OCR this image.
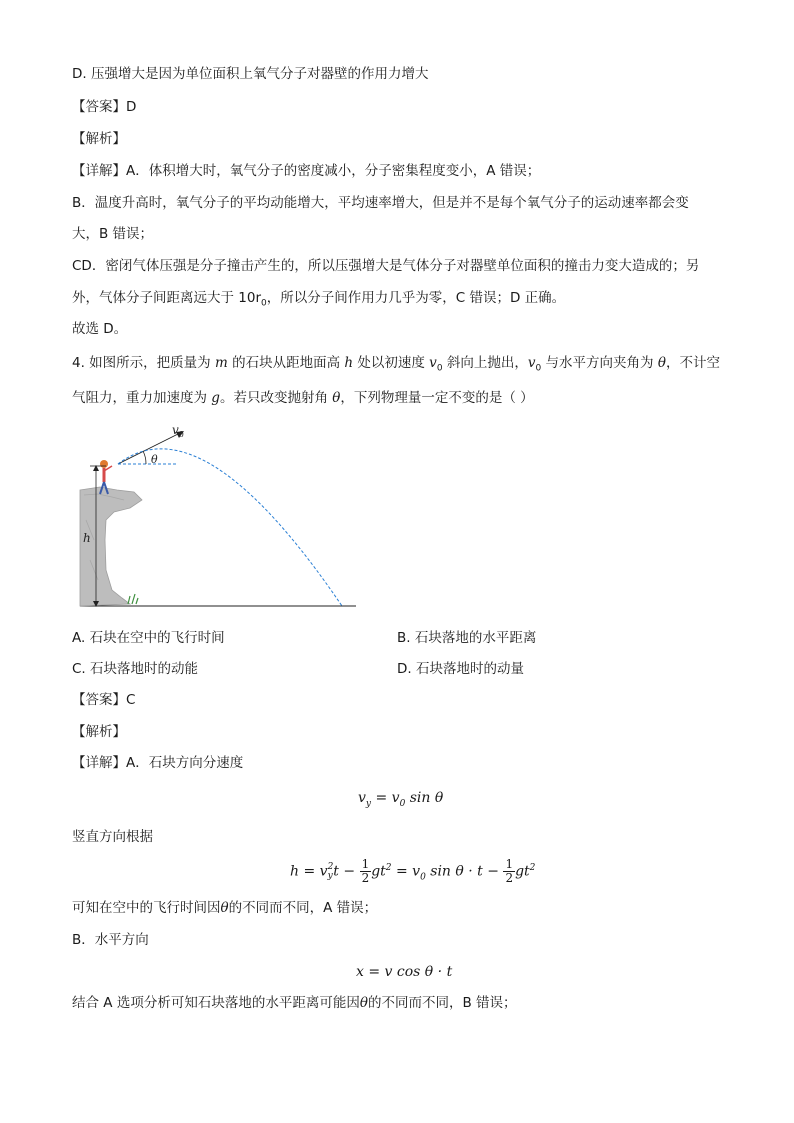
D. 压强增大是因为单位面积上氧气分子对器壁的作用力增大
【答案】D
【解析】
【详解】A．体积增大时，氧气分子的密度减小，分子密集程度变小，A 错误；
B．温度升高时，氧气分子的平均动能增大，平均速率增大，但是并不是每个氧气分子的运动速率都会变
大，B 错误；
CD．密闭气体压强是分子撞击产生的，所以压强增大是气体分子对器壁单位面积的撞击力变大造成的；另
外，气体分子间距离远大于 $10r_0$，所以分子间作用力几乎为零，C 错误；D 正确。
故选 D。
4. 如图所示，把质量为 m 的石块从距地面高 h 处以初速度 $v_0$ 斜向上抛出，$v_0$ 与水平方向夹角为 θ，不计空
气阻力，重力加速度为 g。若只改变抛射角 θ，下列物理量一定不变的是（ ）
h
$v_0$
θ
A. 石块在空中的飞行时间	B. 石块落地的水平距离
C. 石块落地时的动能	D. 石块落地时的动量
【答案】C
【解析】
【详解】A．石块方向分速度
$v_y = v_0$ sin θ
竖直方向根据
h = v 2
y $t - \frac{1}{2} gt^2 = v_0$ $\sin \theta \cdot t - \frac{1}{2} gt^2$
可知在空中的飞行时间因θ的不同而不同，A 错误；
B．水平方向
x = v cos θ · t
结合 A 选项分析可知石块落地的水平距离可能因θ的不同而不同，B 错误；
